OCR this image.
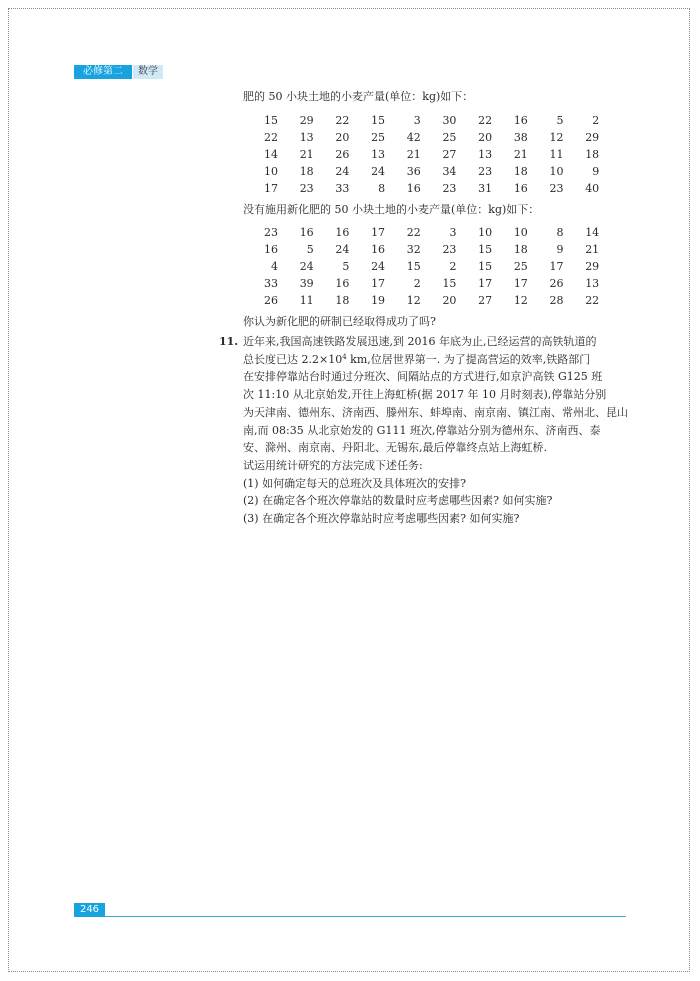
必修第二册
数学

肥的 50 小块土地的小麦产量(单位：kg)如下：

15	29	22	15	3	30	22	16	5	2
22	13	20	25	42	25	20	38	12	29
14	21	26	13	21	27	13	21	11	18
10	18	24	24	36	34	23	18	10	9
17	23	33	8	16	23	31	16	23	40

没有施用新化肥的 50 小块土地的小麦产量(单位：kg)如下：

23	16	16	17	22	3	10	10	8	14
16	5	24	16	32	23	15	18	9	21
4	24	5	24	15	2	15	25	17	29
33	39	16	17	2	15	17	17	26	13
26	11	18	19	12	20	27	12	28	22

你认为新化肥的研制已经取得成功了吗?

11. 近年来,我国高速铁路发展迅速,到 2016 年底为止,已经运营的高铁轨道的

总长度已达 $2.2\times 10^4$ km,位居世界第一. 为了提高营运的效率,铁路部门

在安排停靠站台时通过分班次、间隔站点的方式进行,如京沪高铁 G125 班

次 11:10 从北京始发,开往上海虹桥(据 2017 年 10 月时刻表),停靠站分别

为天津南、德州东、济南西、滕州东、蚌埠南、南京南、镇江南、常州北、昆山

南,而 08:35 从北京始发的 G111 班次,停靠站分别为德州东、济南西、泰

安、滁州、南京南、丹阳北、无锡东,最后停靠终点站上海虹桥.

试运用统计研究的方法完成下述任务:

(1) 如何确定每天的总班次及具体班次的安排?

(2) 在确定各个班次停靠站的数量时应考虑哪些因素? 如何实施?

(3) 在确定各个班次停靠站时应考虑哪些因素? 如何实施?

246
